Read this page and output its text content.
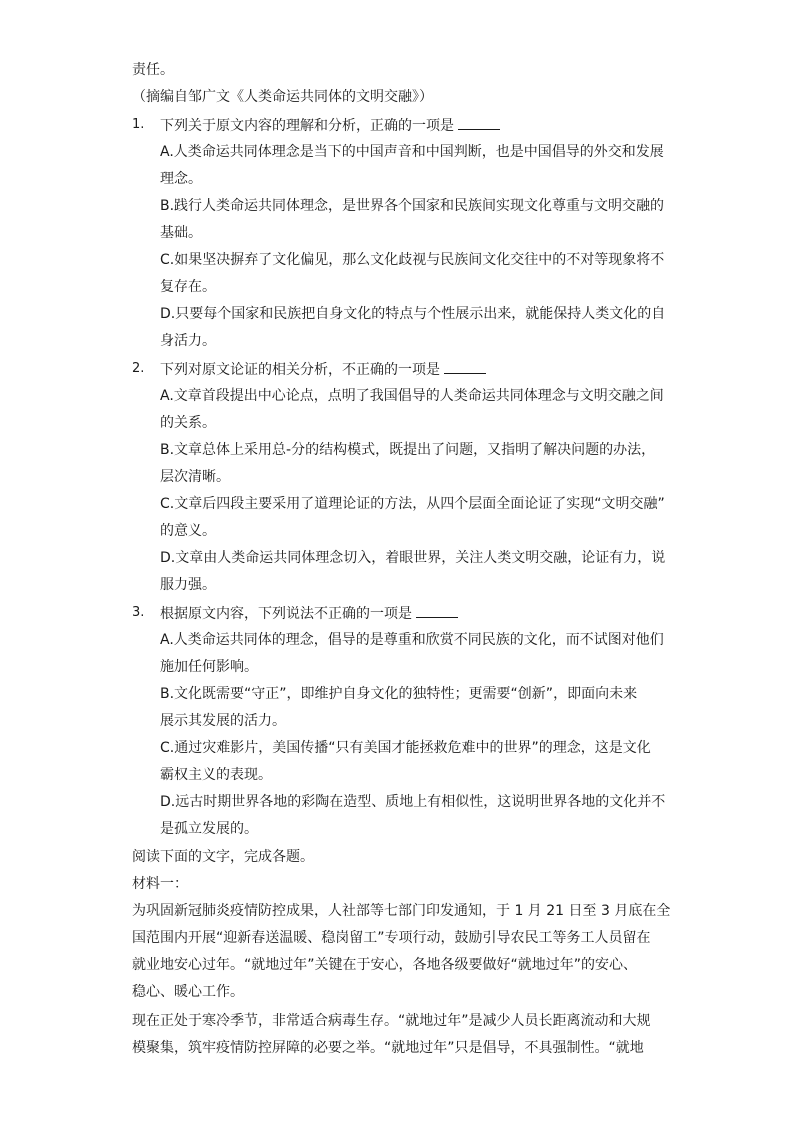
责任。
（摘编自邹广文《人类命运共同体的文明交融》）
1. 下列关于原文内容的理解和分析，正确的一项是
A.人类命运共同体理念是当下的中国声音和中国判断，也是中国倡导的外交和发展
理念。
B.践行人类命运共同体理念，是世界各个国家和民族间实现文化尊重与文明交融的
基础。
C.如果坚决摒弃了文化偏见，那么文化歧视与民族间文化交往中的不对等现象将不
复存在。
D.只要每个国家和民族把自身文化的特点与个性展示出来，就能保持人类文化的自
身活力。
2. 下列对原文论证的相关分析，不正确的一项是
A.文章首段提出中心论点，点明了我国倡导的人类命运共同体理念与文明交融之间
的关系。
B.文章总体上采用总-分的结构模式，既提出了问题，又指明了解决问题的办法，
层次清晰。
C.文章后四段主要采用了道理论证的方法，从四个层面全面论证了实现“文明交融”
的意义。
D.文章由人类命运共同体理念切入，着眼世界，关注人类文明交融，论证有力，说
服力强。
3. 根据原文内容，下列说法不正确的一项是
A.人类命运共同体的理念，倡导的是尊重和欣赏不同民族的文化，而不试图对他们
施加任何影响。
B.文化既需要“守正”，即维护自身文化的独特性；更需要“创新”，即面向未来
展示其发展的活力。
C.通过灾难影片，美国传播“只有美国才能拯救危难中的世界”的理念，这是文化
霸权主义的表现。
D.远古时期世界各地的彩陶在造型、质地上有相似性，这说明世界各地的文化并不
是孤立发展的。
阅读下面的文字，完成各题。
材料一：
为巩固新冠肺炎疫情防控成果，人社部等七部门印发通知，于 1 月 21 日至 3 月底在全
国范围内开展“迎新春送温暖、稳岗留工”专项行动，鼓励引导农民工等务工人员留在
就业地安心过年。“就地过年”关键在于安心，各地各级要做好“就地过年”的安心、
稳心、暖心工作。
现在正处于寒冷季节，非常适合病毒生存。“就地过年”是减少人员长距离流动和大规
模聚集，筑牢疫情防控屏障的必要之举。“就地过年”只是倡导，不具强制性。“就地
